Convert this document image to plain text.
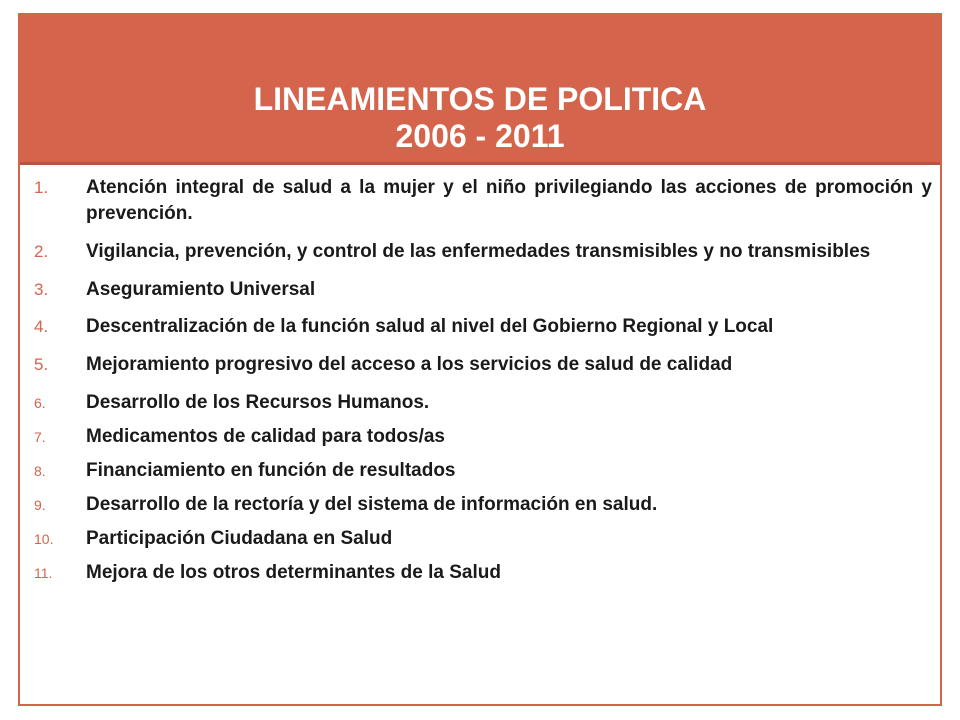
LINEAMIENTOS DE POLITICA
2006 - 2011
1. Atención integral de salud a la mujer y el niño privilegiando las acciones de promoción y prevención.
2. Vigilancia, prevención, y control de las enfermedades transmisibles y no transmisibles
3. Aseguramiento Universal
4. Descentralización de la función salud al nivel del Gobierno Regional y Local
5. Mejoramiento progresivo del acceso a los servicios de salud de calidad
6. Desarrollo de los Recursos Humanos.
7. Medicamentos de calidad para todos/as
8. Financiamiento en función de resultados
9. Desarrollo de la rectoría y del sistema de información en salud.
10. Participación Ciudadana en Salud
11. Mejora de los otros determinantes de la Salud
